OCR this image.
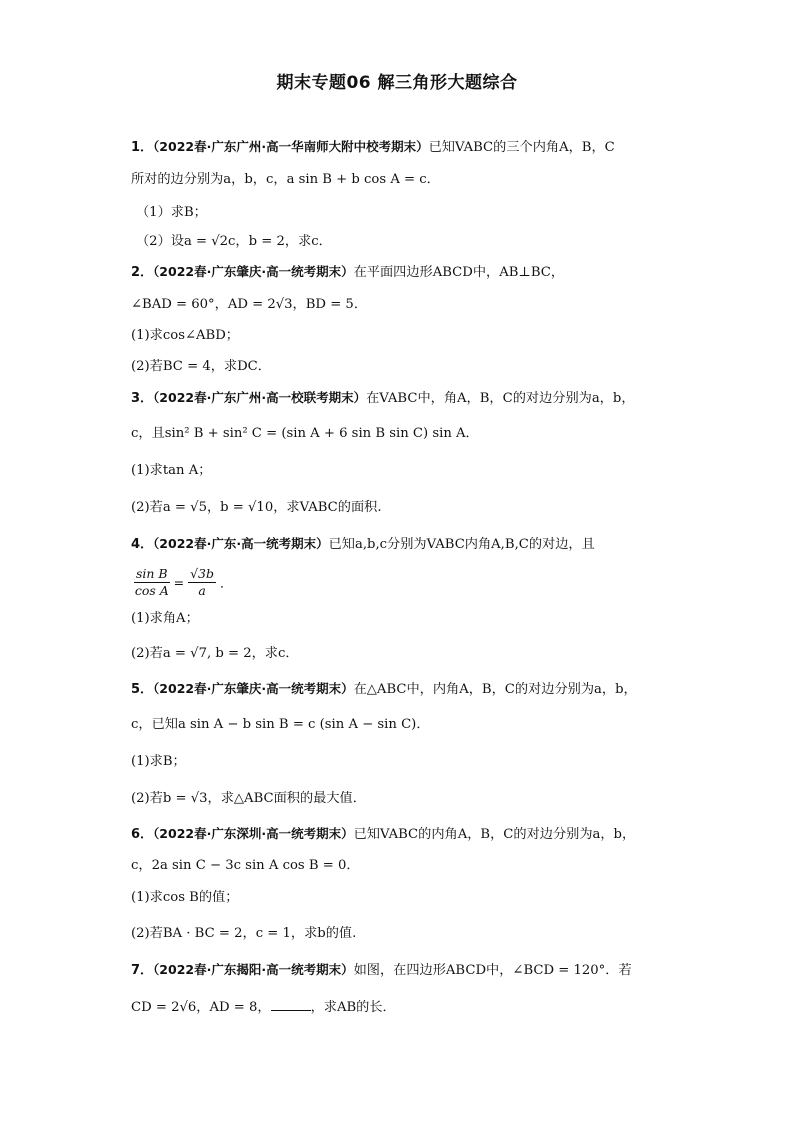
期末专题06 解三角形大题综合
1．（2022春·广东广州·高一华南师大附中校考期末）已知VABC的三个内角A，B，C
所对的边分别为a，b，c，a sin B + b cos A = c．
（1）求B；
（2）设a = √2c，b = 2，求c．
2．（2022春·广东肇庆·高一统考期末）在平面四边形ABCD中，AB⊥BC，
∠BAD = 60°，AD = 2√3，BD = 5．
(1)求cos∠ABD；
(2)若BC = 4，求DC．
3．（2022春·广东广州·高一校联考期末）在VABC中，角A，B，C的对边分别为a，b，
c，且sin² B + sin² C = (sin A + 6 sin B sin C) sin A．
(1)求tan A；
(2)若a = √5，b = √10，求VABC的面积.
4．（2022春·广东·高一统考期末）已知a,b,c分别为VABC内角A,B,C的对边，且
$\frac{\text{sin B}}{\text{cos A}} = \frac{√3b}{a}$ ．
(1)求角A；
(2)若a = √7, b = 2，求c．
5．（2022春·广东肇庆·高一统考期末）在△ABC中，内角A，B，C的对边分别为a，b，
c，已知a sin A − b sin B = c (sin A − sin C)．
(1)求B；
(2)若b = √3，求△ABC面积的最大值．
6．（2022春·广东深圳·高一统考期末）已知VABC的内角A，B，C的对边分别为a，b，
c，2a sin C − 3c sin A cos B = 0．
(1)求cos B的值；
(2)若BA · BC = 2，c = 1，求b的值.
7．（2022春·广东揭阳·高一统考期末）如图，在四边形ABCD中，∠BCD = 120°．若
CD = 2√6，AD = 8，	，求AB的长．
